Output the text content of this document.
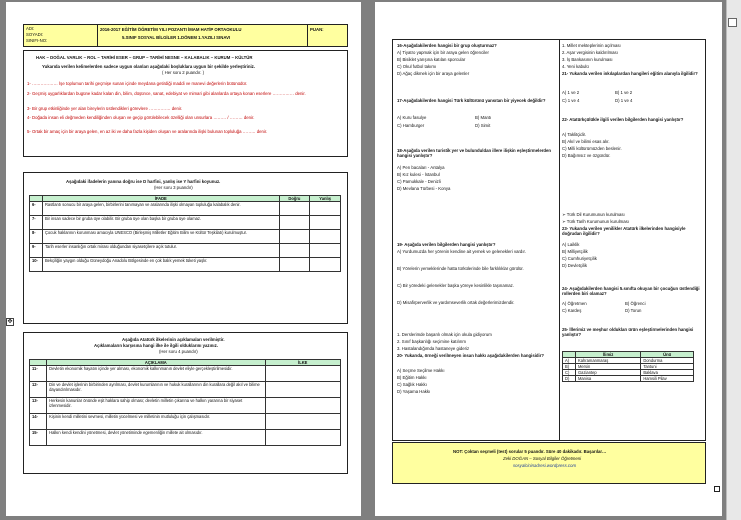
ADI:
SOYADI:
SINIFI-NO:
2016-2017 EĞİTİM ÖĞRETİM YILI POZANTI İMAM HATİP ORTAOKULU
5.SINIF SOSYAL BİLGİLER 1.DÖNEM 1.YAZILI SINAVI
PUAN:
HAK – DOĞAL VARLIK – ROL – TARİHİ ESER – GRUP – TARİHİ NESNE – KALABALIK – KURUM – KÜLTÜR
Yukarıda verilen kelimelerden sadece uygun olanları aşağıdaki boşluklara uygun bir şekilde yerleştiriniz.
( Her soru 2 puandır. )
1- ……………… İşe toplumun tarihi geçmişe sunan içinde meydana getirdiği maddi ve manevi değerlerin bütünüdür.
2- Geçmiş uygarlıklardan bugüne kadar kalan din, bilim, düşünce, sanat, edebiyat ve mimari gibi alanlarda ortaya konan eserlere …………… denir.
3- Bir grup etkinliğinde yer alan bireylerin üstlendikleri görevlere …………… denir.
4- Doğada insan eli değmeden kendiliğinden oluşan ve geçip görülebilecek özelliği olan unsurlara ……… / ……… denir.
5- Ortak bir amaç için bir araya gelen, en az iki ve daha fazla kişiden oluşan ve aralarında ilişki bulunan topluluğa ……… denir.
Aşağıdaki ifadelerin yanına doğru ise D harfini, yanlış ise Y harfini koyunuz.
(Her soru 3 puandır)
	İFADE	Doğru	Yanlış
6-	Rastlantı sonucu bir araya gelen, birbirlerini tanımayan ve aralarında ilişki olmayan topluluğa kalabalık denir.		
7-	Bir insan sadece bir gruba üye olabilir. Bir gruba üye olan başka bir gruba üye olamaz.		
8-	Çocuk haklarının korunması amacıyla UNESCO (Birleşmiş Milletler Eğitim Bilim ve Kültür Teşkilatı) kurulmuştur.		
9-	Tarih eserler insanlığın ortak mirası olduğundan siyasetçilere açık tutulur.		
10-	Bekçiliğin yaygın olduğu Güneydoğu Anadolu Bölgesinde en çok balık yemek tüketi yaşlır.		
Aşağıda Atatürk ilkelerinin açıklamaları verilmiştir.
Açıklamaların karşısına hangi ilke ile ilgili olduklarını yazınız.
(Her soru 4 puandır)
	AÇIKLAMA	İLKE
11-	Devletin ekonomik hayatın içinde yer alması, ekonomik kalkınmanın devlet eliyle gerçekleştirilmesidir.	
12-	Din ve devlet işlerinin birbirinden ayrılması, devlet kurumlarının ve hukuk kurallarının din kurallara değil akıl ve bilime dayandırılmasıdır.	
13-	Herkesin kanunlar önünde eşit haklara sahip olması; devletin milletin çıkarına ve halkın yararına bir siyaset izlenmesidir.	
14-	Kişinin kendi milletini sevmesi, milletin yücelmesi ve milletinin mutluluğu için çalışmasıdır.	
15-	Halkın kendi kendini yönetmesi, devlet yönetiminde egemenliğin millete ait olmasıdır.	
16-Aşağıdakilerden hangisi bir grup oluşturmaz?
A) Tiyatro yapmak için bir araya gelen öğrenciler
B) Bisiklet yarışına katılan sporcular
C) Okul futbol takımı
D) Ağaç dikmek için bir araya gelenler
17-Aşağıdakilerden hangisi Türk kültürünü yansıtan bir yiyecek değildir?
A) Kuru fasulye	B) Mantı
C) Hamburger	D) Simit
18-Aşağıda verilen turistik yer ve bulunduldan illere ilişkin eşleştirmelerden hangisi yanlıştır?
A) Pen bacaları - Antalya
B) Kız kulesi - İstanbul
C) Pamukkale - Denizli
D) Mevlana Türbesi - Konya
19- Aşağıda verilen bilgilerden hangisi yanlıştır?
A) Yurdumuzda her yörenin kendine ait yemek ve gelenekleri vardır.
B) Yörelerin yemeklerinde hatta türkülerinde bile farklılıklar görülür.
C) Bir yöredeki gelenekler başka yöreye kesinlikle taşınamaz.
D) Misafirperverlik ve yardımseverlik ortak değerlerimizdendir.
1. Derslerimde başarılı olmak için okula gidiyorum
2. Sınıf başkanlığı seçimine katılırım
3. Hastalandığımda hastaneye gideriz
20- Yukarıda, örneği verilmeyen insan hakkı aşağıdakilerden hangisidir?
A) Seçme Seçilme Hakkı
B) Eğitim Hakkı
C) Sağlık Hakkı
D) Yaşama Hakkı
1. Millet mekteplerinin açılması
2. Aşar vergisinin kaldırılması
3. İş Bankasının kurulması
4. Yeni kabulü
21- Yukarıda verilen inkılaplardan hangileri eğitim alanıyla ilgilidir?
A) 1 ve 2	B) 1 ve 2
C) 1 ve 4	D) 1 ve 4
22- Atatürkçülükle ilgili verilen bilgilerden hangisi yanlıştır?
A) Taklitçidir.
B) Akıl ve bilimi esas alır.
C) Milli kültürümüzden beslenir.
D) Bağımsız ve özgürdür.
➢ Türk Dil Kurumunun kurulması
➢ Türk Tarih Kurumunun kurulması
23- Yukarıda verilen yenilikler Atatürk ilkelerinden hangisiyle doğrudan ilgilidir?
A) Laiklik
B) Milliyetçilik
C) Cumhuriyetçilik
D) Devletçilik
24- Aşağıdakilerden hangisi 5.sınıfta okuyan bir çocuğun üstlendiği rollerden biri olamaz?
A) Öğretmen	B) Öğrenci
C) Kardeş	D) Torun
25- İllerimiz ve meşhur oldukları ürün eşleştirmelerinden hangisi yanlıştır?
	İlimiz	Ünü
A)	Kahramanmaraş	Dondurma
B)	Mersin	Tantuni
C)	Gaziantep	Baklava
D)	Manisa	Hamsili Pilav
NOT: Çoktan seçmeli (test) sorular 5 puandır. Süre 40 dakikadır. Başarılar…
Zeki DOĞAN – Sosyal Bilgiler Öğretmeni
sosyalcininadresi.wordpress.com
✥
